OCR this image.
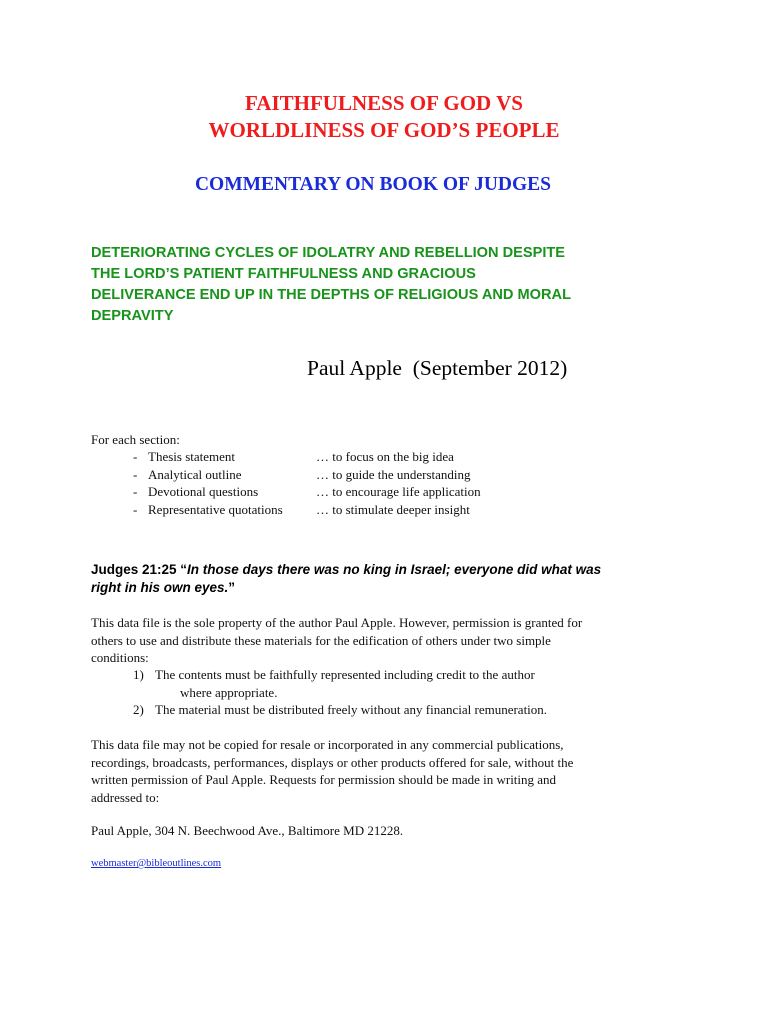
FAITHFULNESS OF GOD VS
WORLDLINESS OF GOD’S PEOPLE
COMMENTARY ON BOOK OF JUDGES
DETERIORATING CYCLES OF IDOLATRY AND REBELLION DESPITE
THE LORD’S PATIENT FAITHFULNESS AND GRACIOUS
DELIVERANCE END UP IN THE DEPTHS OF RELIGIOUS AND MORAL
DEPRAVITY

Paul Apple  (September 2012)

For each section:

- Thesis statement	… to focus on the big idea
- Analytical outline	… to guide the understanding
- Devotional questions	… to encourage life application
- Representative quotations	… to stimulate deeper insight
Judges 21:25 “In those days there was no king in Israel; everyone did what was
right in his own eyes.”
This data file is the sole property of the author Paul Apple. However, permission is granted for
others to use and distribute these materials for the edification of others under two simple
conditions:
1) The contents must be faithfully represented including credit to the author
where appropriate.
2) The material must be distributed freely without any financial remuneration.
This data file may not be copied for resale or incorporated in any commercial publications,
recordings, broadcasts, performances, displays or other products offered for sale, without the
written permission of Paul Apple. Requests for permission should be made in writing and
addressed to:

Paul Apple, 304 N. Beechwood Ave., Baltimore MD 21228.

webmaster@bibleoutlines.com
